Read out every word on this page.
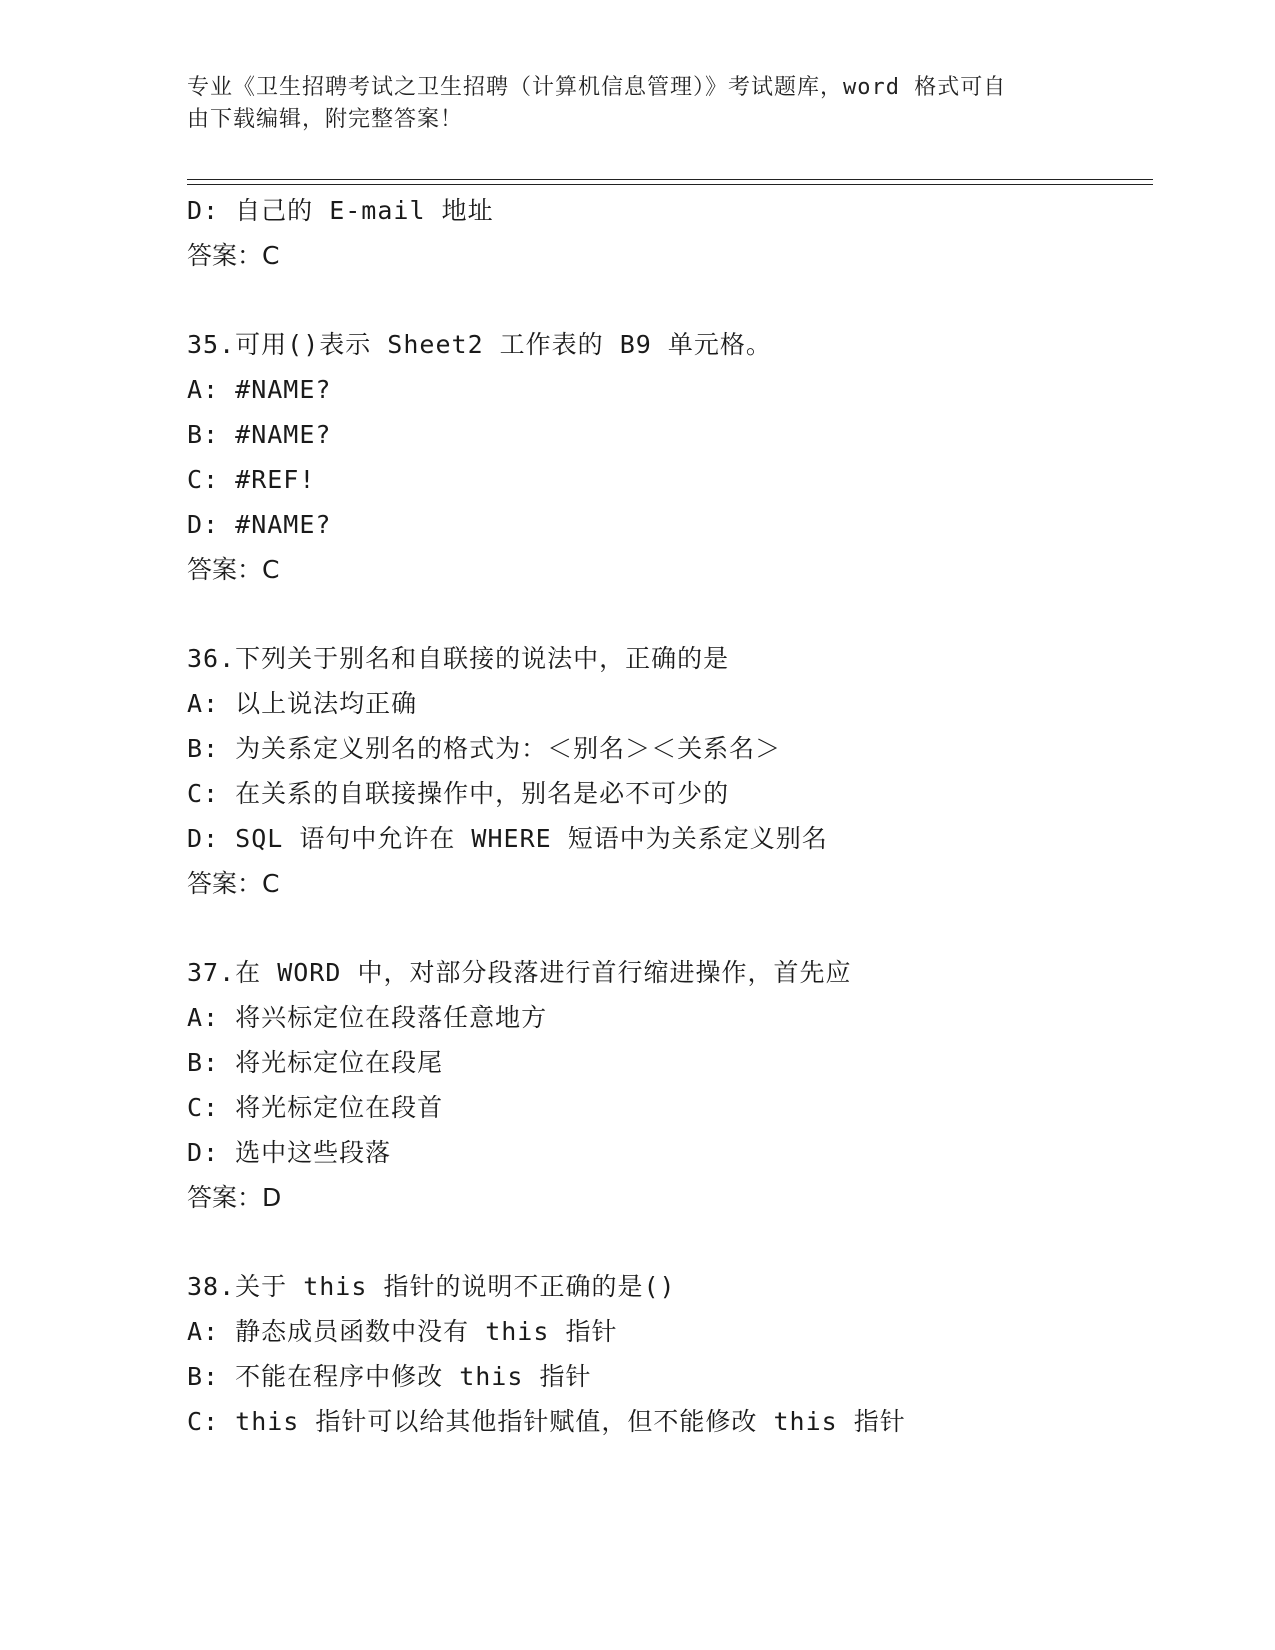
专业《卫生招聘考试之卫生招聘（计算机信息管理）》考试题库，word 格式可自
由下载编辑，附完整答案！
D: 自己的 E-mail 地址
答案：C
35.可用()表示 Sheet2 工作表的 B9 单元格。
A: #NAME?
B: #NAME?
C: #REF!
D: #NAME?
答案：C
36.下列关于别名和自联接的说法中，正确的是
A: 以上说法均正确
B: 为关系定义别名的格式为：＜别名＞＜关系名＞
C: 在关系的自联接操作中，别名是必不可少的
D: SQL 语句中允许在 WHERE 短语中为关系定义别名
答案：C
37.在 WORD 中，对部分段落进行首行缩进操作，首先应
A: 将兴标定位在段落任意地方
B: 将光标定位在段尾
C: 将光标定位在段首
D: 选中这些段落
答案：D
38.关于 this 指针的说明不正确的是()
A: 静态成员函数中没有 this 指针
B: 不能在程序中修改 this 指针
C: this 指针可以给其他指针赋值，但不能修改 this 指针
